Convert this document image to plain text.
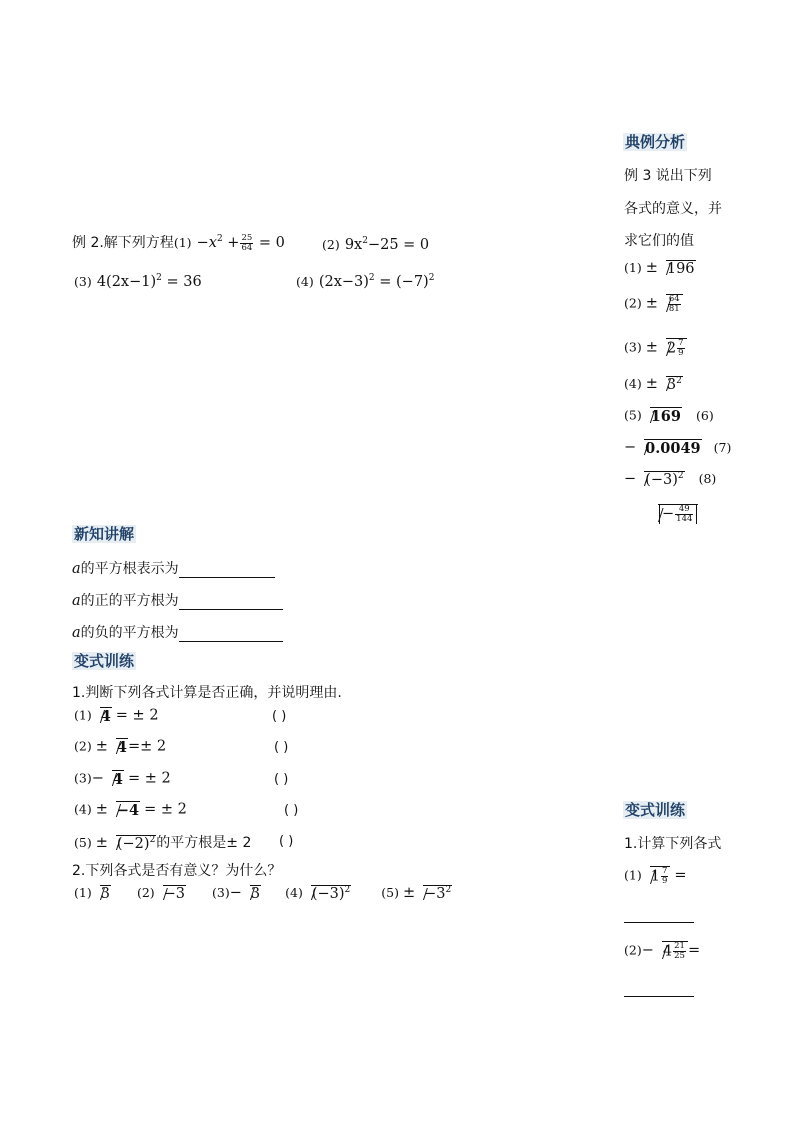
典例分析
例 3 说出下列
各式的意义，并
求它们的值
(1) ± 196
$(2) \pm \frac{64}{81}$
$(3) \pm 2 \frac{7}{9}$
$(4) \pm 3^2$
(5) 169 (6)
− 0.0049 (7)
− $(-3)^2$ (8)
− $\frac{49}{144}$
例 2.解下列方程$(1) -x^2 + \frac{25}{64} = 0$	(2) $9x^2-25 = 0$
(3) $4(2x-1)^2 = 36$	(4) $(2x-3)^2 = (-7)^2$
新知讲解
a的平方根表示为
a的正的平方根为
a的负的平方根为
变式训练
1.判断下列各式计算是否正确，并说明理由.
(1) 4 = ± 2	( )
(2) ± 4=± 2	( )
(3)− 4 = ± 2	( )
(4) ± −4 = ± 2	( )
$(5) \pm (-2)^2$的平方根是± 2 ( )
2.下列各式是否有意义？为什么？
(1) 3 (2) −3 (3)− 3 (4) $(-3)^2$ $(5) \pm -3^2$
变式训练
1.计算下列各式
(1) $1 \frac{7}{9}$ =
$(2)- 4 \frac{21}{25}$ =
